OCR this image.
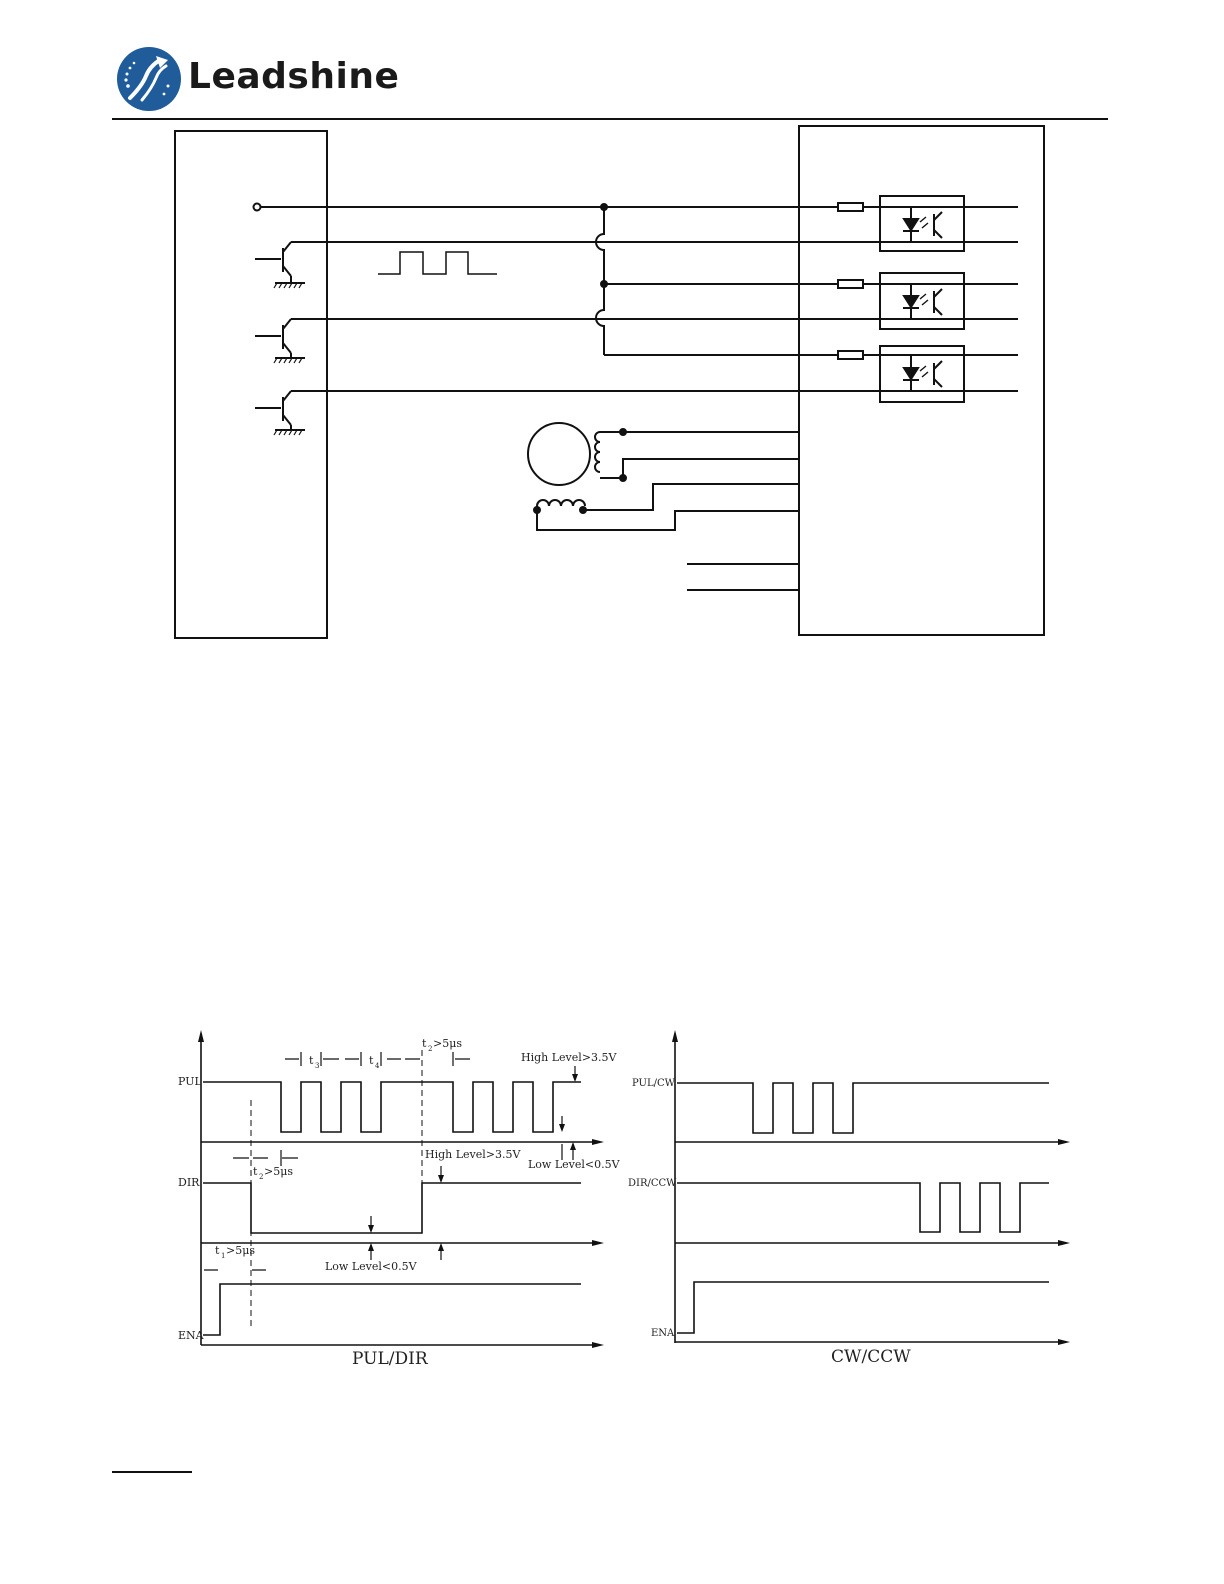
Leadshine
PUL
DIR
ENA
t 3	t 4
t 2 >5μs
High Level>3.5V
t 2 >5μs
High Level>3.5V
Low Level<0.5V
t 1 >5μs
Low Level<0.5V
PUL/DIR
PUL/CW
DIR/CCW
ENA
CW/CCW
